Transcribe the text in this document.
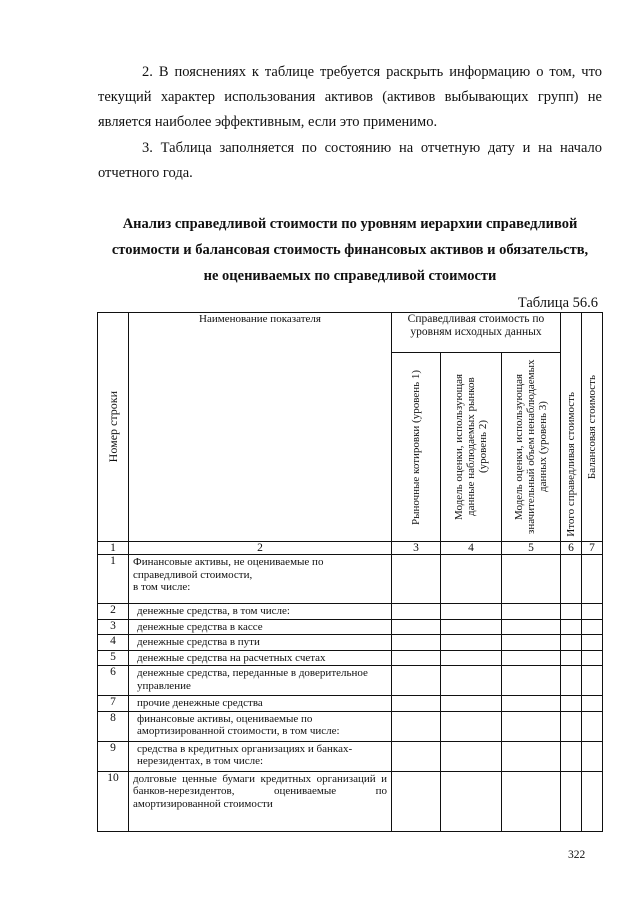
2. В пояснениях к таблице требуется раскрыть информацию о том, что текущий характер использования активов (активов выбывающих групп) не является наиболее эффективным, если это применимо.

3. Таблица заполняется по состоянию на отчетную дату и на начало отчетного года.

Анализ справедливой стоимости по уровням иерархии справедливой
стоимости и балансовая стоимость финансовых активов и обязательств,
не оцениваемых по справедливой стоимости
Таблица 56.6
Номер строки	Наименование показателя	Справедливая стоимость по уровням исходных данных			Итого справедливая стоимость	Балансовая стоимость

		Рыночные котировки (уровень 1)	Модель оценки, использующая данные наблюдаемых рынков (уровень 2)	Модель оценки, использующая значительный объем ненаблюдаемых данных (уровень 3)		

1	2	3	4	5	6	7
1	Финансовые активы, не оцениваемые по справедливой стоимости,
в том числе:					
2	денежные средства, в том числе:					
3	денежные средства в кассе					
4	денежные средства в пути					
5	денежные средства на расчетных счетах					
6	денежные средства, переданные в доверительное управление					
7	прочие денежные средства					
8	финансовые активы, оцениваемые по амортизированной стоимости, в том числе:					
9	средства в кредитных организациях и банках-нерезидентах, в том числе:					
10	долговые ценные бумаги кредитных организаций и банков-нерезидентов, оцениваемые по амортизированной стоимости					
322
